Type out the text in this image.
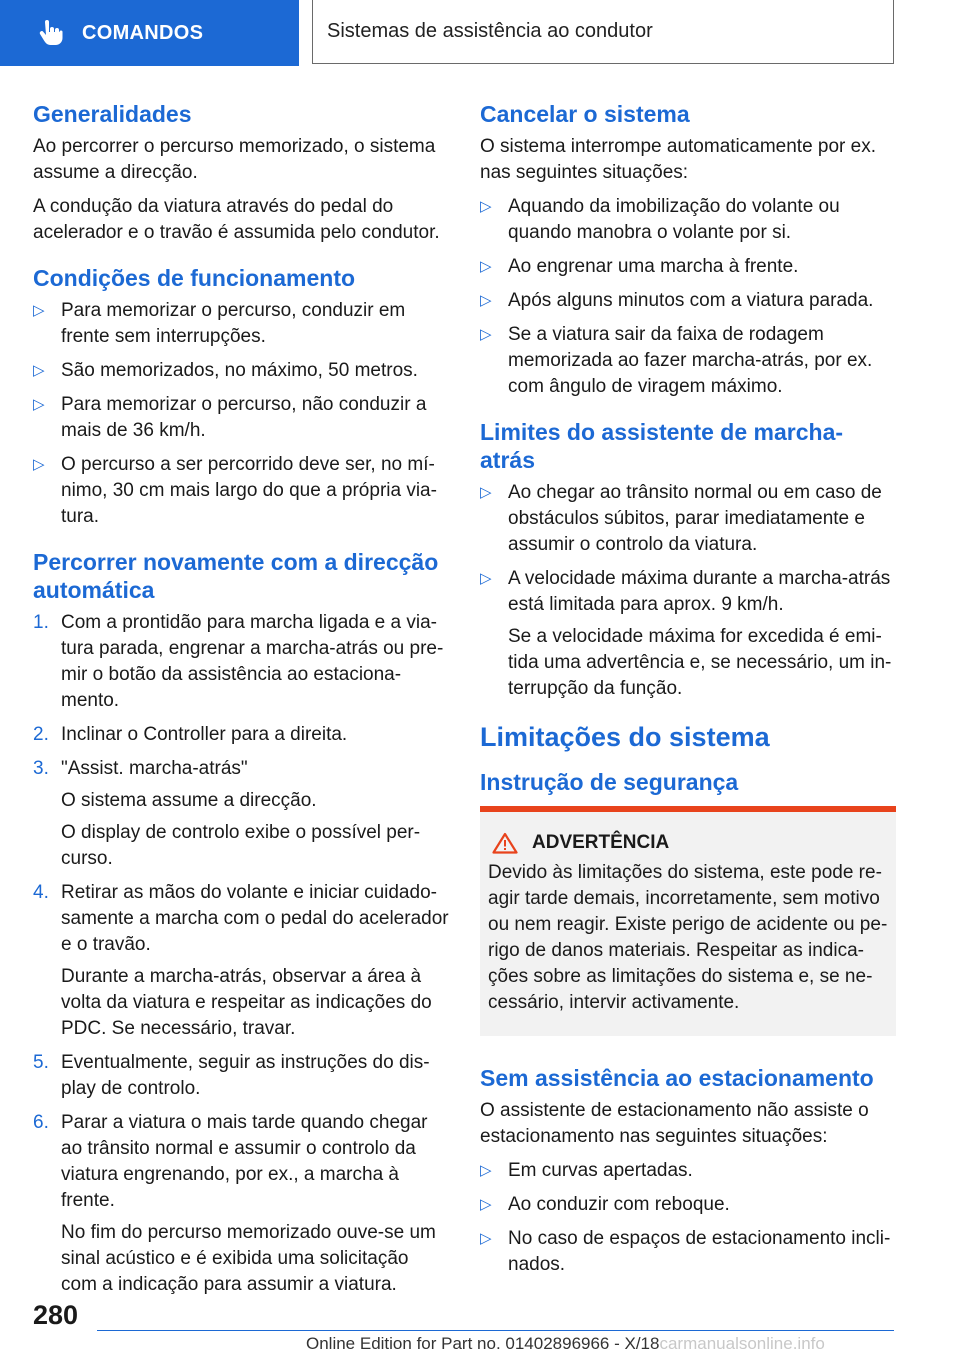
COMANDOS	Sistemas de assistência ao condutor
Generalidades

Ao percorrer o percurso memorizado, o sistema assume a direcção.

A condução da viatura através do pedal do acelerador e o travão é assumida pelo condutor.

Condições de funcionamento
▷ Para memorizar o percurso, conduzir em frente sem interrupções.
▷ São memorizados, no máximo, 50 metros.
▷ Para memorizar o percurso, não conduzir a mais de 36 km/h.
▷ O percurso a ser percorrido deve ser, no mínimo, 30 cm mais largo do que a própria viatura.
Percorrer novamente com a direcção automática
1. Com a prontidão para marcha ligada e a viatura parada, engrenar a marcha-atrás ou premir o botão da assistência ao estacionamento.
2. Inclinar o Controller para a direita.
3. "Assist. marcha-atrás"

O sistema assume a direcção.

O display de controlo exibe o possível percurso.

4. Retirar as mãos do volante e iniciar cuidadosamente a marcha com o pedal do acelerador e o travão.

Durante a marcha-atrás, observar a área à volta da viatura e respeitar as indicações do PDC. Se necessário, travar.

5. Eventualmente, seguir as instruções do display de controlo.
6. Parar a viatura o mais tarde quando chegar ao trânsito normal e assumir o controlo da viatura engrenando, por ex., a marcha à frente.

No fim do percurso memorizado ouve-se um sinal acústico e é exibida uma solicitação com a indicação para assumir a viatura.

Cancelar o sistema

O sistema interrompe automaticamente por ex. nas seguintes situações:

▷ Aquando da imobilização do volante ou quando manobra o volante por si.
▷ Ao engrenar uma marcha à frente.
▷ Após alguns minutos com a viatura parada.
▷ Se a viatura sair da faixa de rodagem memorizada ao fazer marcha-atrás, por ex. com ângulo de viragem máximo.
Limites do assistente de marcha-atrás
▷ Ao chegar ao trânsito normal ou em caso de obstáculos súbitos, parar imediatamente e assumir o controlo da viatura.
▷ A velocidade máxima durante a marcha-atrás está limitada para aprox. 9 km/h.

Se a velocidade máxima for excedida é emitida uma advertência e, se necessário, um interrupção da função.

Limitações do sistema
Instrução de segurança
ADVERTÊNCIA

Devido às limitações do sistema, este pode reagir tarde demais, incorretamente, sem motivo ou nem reagir. Existe perigo de acidente ou perigo de danos materiais. Respeitar as indicações sobre as limitações do sistema e, se necessário, intervir activamente.

Sem assistência ao estacionamento

O assistente de estacionamento não assiste o estacionamento nas seguintes situações:

▷ Em curvas apertadas.
▷ Ao conduzir com reboque.
▷ No caso de espaços de estacionamento inclinados.
280
Online Edition for Part no. 01402896966 - X/18carmanualsonline.info
